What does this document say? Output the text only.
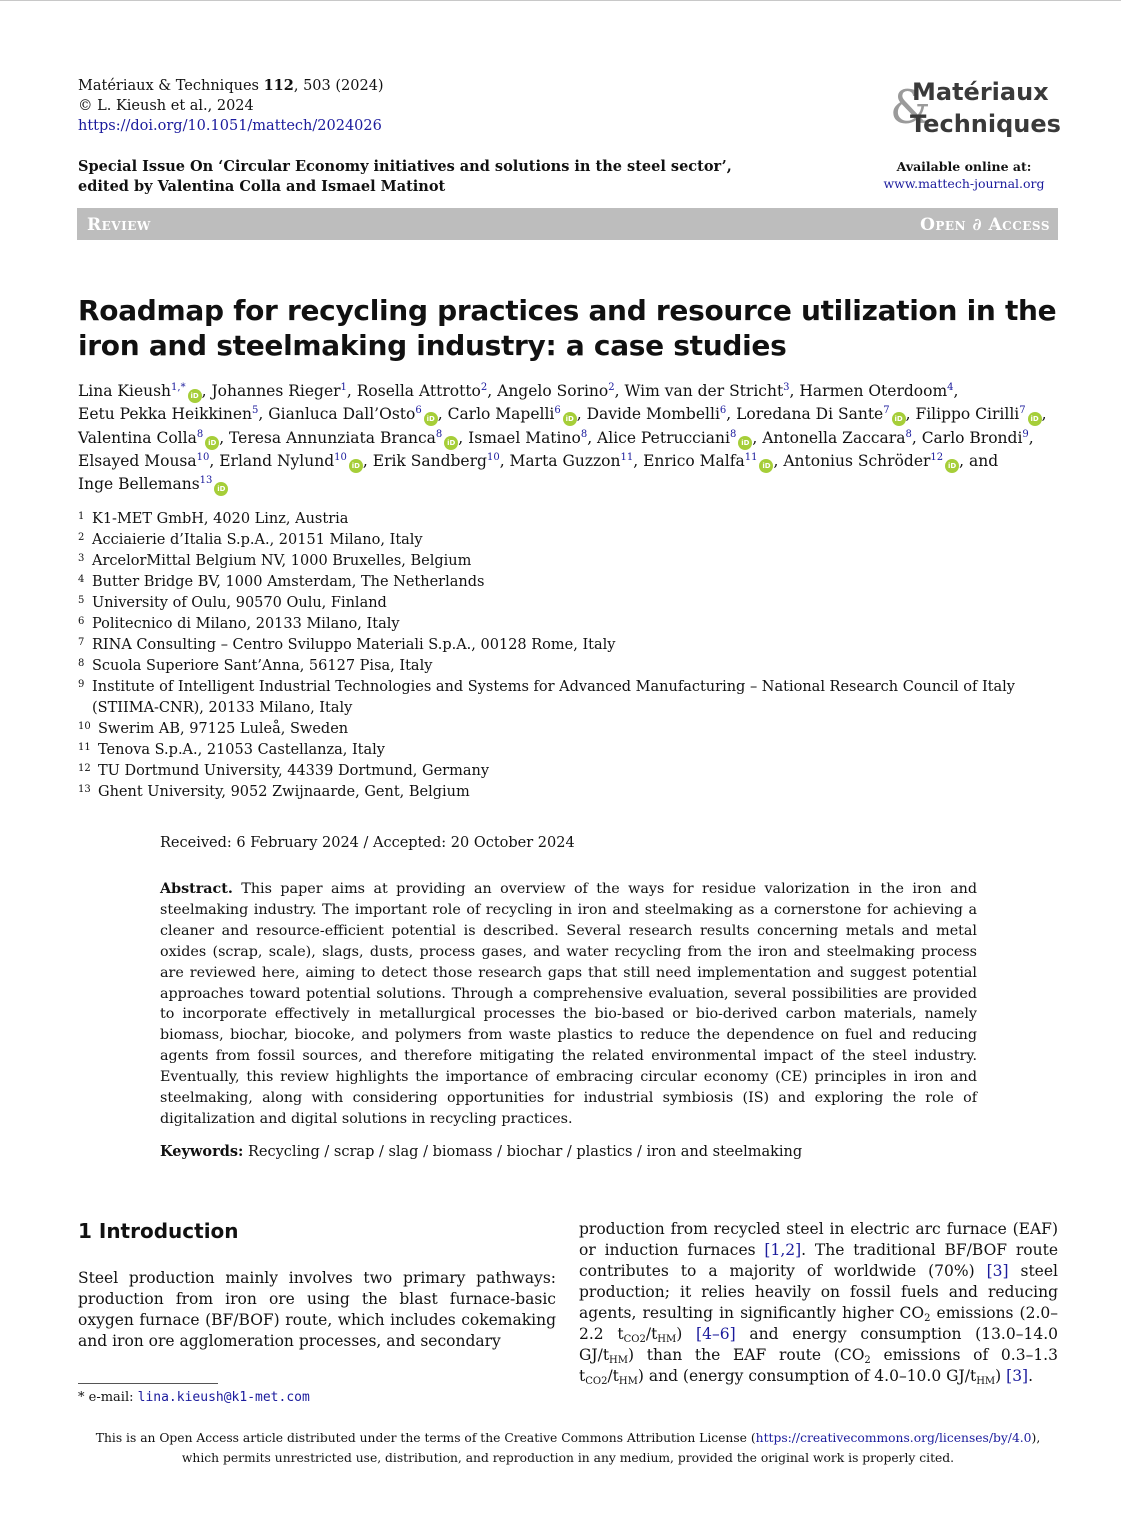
Matériaux & Techniques 112, 503 (2024)
© L. Kieush et al., 2024
https://doi.org/10.1051/mattech/2024026	&
Matériaux
Techniques
Special Issue On ‘Circular Economy initiatives and solutions in the steel sector’,
edited by Valentina Colla and Ismael Matinot
Available online at:
www.mattech-journal.org
Review	Open ∂ Access
Roadmap for recycling practices and resource utilization in the iron and steelmaking industry: a case studies
Lina Kieush$^{1,*}$iD , Johannes Rieger$^1$, Rosella Attrotto$^2$, Angelo Sorino$^2$, Wim van der Stricht$^3$, Harmen Oterdoom$^4$, Eetu Pekka Heikkinen$^5$, Gianluca Dall’Osto$^6$iD , Carlo Mapelli$^6$iD , Davide Mombelli$^6$, Loredana Di Sante$^7$iD , Filippo Cirilli$^7$iD , Valentina Colla$^8$iD , Teresa Annunziata Branca$^8$iD , Ismael Matino$^8$, Alice Petrucciani$^8$iD , Antonella Zaccara$^8$, Carlo Brondi$^9$, Elsayed Mousa$^{10}$, Erland Nylund$^{10}$iD , Erik Sandberg$^{10}$, Marta Guzzon$^{11}$, Enrico Malfa$^{11}$iD , Antonius Schröder$^{12}$iD , and Inge Bellemans$^{13}$iD
1 K1-MET GmbH, 4020 Linz, Austria
2 Acciaierie d’Italia S.p.A., 20151 Milano, Italy
3 ArcelorMittal Belgium NV, 1000 Bruxelles, Belgium
4 Butter Bridge BV, 1000 Amsterdam, The Netherlands
5 University of Oulu, 90570 Oulu, Finland
6 Politecnico di Milano, 20133 Milano, Italy
7 RINA Consulting – Centro Sviluppo Materiali S.p.A., 00128 Rome, Italy
8 Scuola Superiore Sant’Anna, 56127 Pisa, Italy
9 Institute of Intelligent Industrial Technologies and Systems for Advanced Manufacturing – National Research Council of Italy (STIIMA-CNR), 20133 Milano, Italy
10 Swerim AB, 97125 Luleå, Sweden
11 Tenova S.p.A., 21053 Castellanza, Italy
12 TU Dortmund University, 44339 Dortmund, Germany
13 Ghent University, 9052 Zwijnaarde, Gent, Belgium
Received: 6 February 2024 / Accepted: 20 October 2024
Abstract. This paper aims at providing an overview of the ways for residue valorization in the iron and steelmaking industry. The important role of recycling in iron and steelmaking as a cornerstone for achieving a cleaner and resource-efficient potential is described. Several research results concerning metals and metal oxides (scrap, scale), slags, dusts, process gases, and water recycling from the iron and steelmaking process are reviewed here, aiming to detect those research gaps that still need implementation and suggest potential approaches toward potential solutions. Through a comprehensive evaluation, several possibilities are provided to incorporate effectively in metallurgical processes the bio-based or bio-derived carbon materials, namely biomass, biochar, biocoke, and polymers from waste plastics to reduce the dependence on fuel and reducing agents from fossil sources, and therefore mitigating the related environmental impact of the steel industry. Eventually, this review highlights the importance of embracing circular economy (CE) principles in iron and steelmaking, along with considering opportunities for industrial symbiosis (IS) and exploring the role of digitalization and digital solutions in recycling practices.
Keywords: Recycling / scrap / slag / biomass / biochar / plastics / iron and steelmaking
1 Introduction
Steel production mainly involves two primary pathways: production from iron ore using the blast furnace-basic oxygen furnace (BF/BOF) route, which includes cokemaking and iron ore agglomeration processes, and secondary
production from recycled steel in electric arc furnace (EAF) or induction furnaces [1,2]. The traditional BF/BOF route contributes to a majority of worldwide (70%) [3] steel production; it relies heavily on fossil fuels and reducing agents, resulting in significantly higher $CO_2$ emissions (2.0–2.2 $t_{CO2}/t_{HM}$) [4–6] and energy consumption (13.0–14.0 $GJ/t_{HM}$) than the EAF route ($CO_2$ emissions of 0.3–1.3 $t_{CO2}/t_{HM}$) and (energy consumption of 4.0–10.0 $GJ/t_{HM}$) [3].
* e-mail: lina.kieush@k1-met.com
This is an Open Access article distributed under the terms of the Creative Commons Attribution License (https://creativecommons.org/licenses/by/4.0),
which permits unrestricted use, distribution, and reproduction in any medium, provided the original work is properly cited.
